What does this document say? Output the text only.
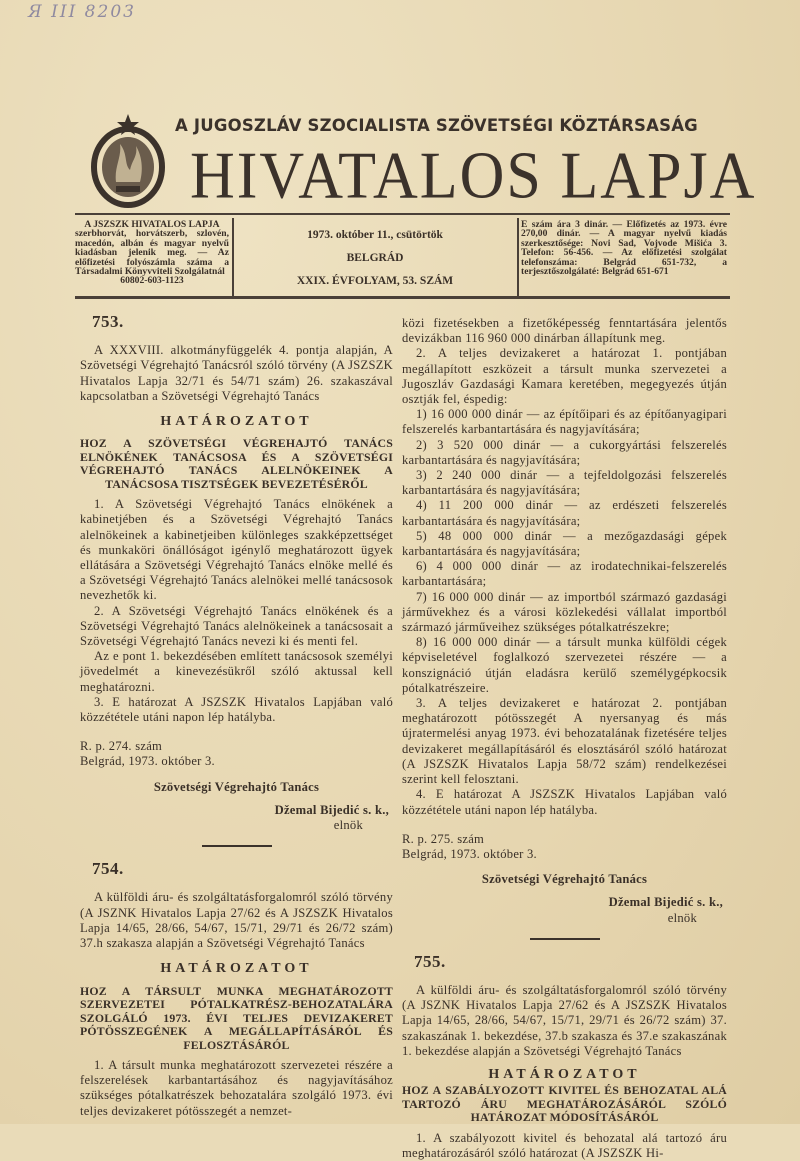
Я III 8203
A JUGOSZLÁV SZOCIALISTA SZÖVETSÉGI KÖZTÁRSASÁG
HIVATALOS LAPJA
A JSZSZK HIVATALOS LAPJA
szerbhorvát, horvátszerb, szlovén, macedón, albán és magyar nyelvű kiadásban jelenik meg. — Az előfizetési folyószámla száma a Társadalmi Könyvviteli Szolgálatnál
60802-603-1123
1973. október 11., csütörtök
BELGRÁD
XXIX. ÉVFOLYAM, 53. SZÁM
E szám ára 3 dinár. — Előfizetés az 1973. évre 270,00 dinár. — A magyar nyelvű kiadás szerkesztősége: Novi Sad, Vojvode Mišića 3. Telefon: 56-456. — Az előfizetési szolgálat telefonszáma: Belgrád 651-732, a terjesztőszolgálaté: Belgrád 651-671
753.

A XXXVIII. alkotmányfüggelék 4. pontja alapján, A Szövetségi Végrehajtó Tanácsról szóló törvény (A JSZSZK Hivatalos Lapja 32/71 és 54/71 szám) 26. szakaszával kapcsolatban a Szövetségi Végrehajtó Tanács

HATÁROZATOT
HOZ A SZÖVETSÉGI VÉGREHAJTÓ TANÁCS ELNÖKÉNEK TANÁCSOSA ÉS A SZÖVETSÉGI VÉGREHAJTÓ TANÁCS ALELNÖKEINEK A TANÁCSOSA TISZTSÉGEK BEVEZETÉSÉRŐL

1. A Szövetségi Végrehajtó Tanács elnökének a kabinetjében és a Szövetségi Végrehajtó Tanács alelnökeinek a kabinetjeiben különleges szakképzettséget és munkaköri önállóságot igénylő meghatározott ügyek ellátására a Szövetségi Végrehajtó Tanács elnöke mellé és a Szövetségi Végrehajtó Tanács alelnökei mellé tanácsosok nevezhetők ki.

2. A Szövetségi Végrehajtó Tanács elnökének és a Szövetségi Végrehajtó Tanács alelnökeinek a tanácsosait a Szövetségi Végrehajtó Tanács nevezi ki és menti fel.

Az e pont 1. bekezdésében említett tanácsosok személyi jövedelmét a kinevezésükről szóló aktussal kell meghatározni.

3. E határozat A JSZSZK Hivatalos Lapjában való közzététele utáni napon lép hatályba.

R. p. 274. szám

Belgrád, 1973. október 3.

Szövetségi Végrehajtó Tanács
Džemal Bijedić s. k.,
elnök
754.

A külföldi áru- és szolgáltatásforgalomról szóló törvény (A JSZNK Hivatalos Lapja 27/62 és A JSZSZK Hivatalos Lapja 14/65, 28/66, 54/67, 15/71, 29/71 és 26/72 szám) 37.h szakasza alapján a Szövetségi Végrehajtó Tanács

HATÁROZATOT
HOZ A TÁRSULT MUNKA MEGHATÁROZOTT SZERVEZETEI PÓTALKATRÉSZ-BEHOZATALÁRA SZOLGÁLÓ 1973. ÉVI TELJES DEVIZAKERET PÓTÖSSZEGÉNEK A MEGÁLLAPÍTÁSÁRÓL ÉS FELOSZTÁSÁRÓL

1. A társult munka meghatározott szervezetei részére a felszerelések karbantartásához és nagyjavításához szükséges pótalkatrészek behozatalára szolgáló 1973. évi teljes devizakeret pótösszegét a nemzet-

közi fizetésekben a fizetőképesség fenntartására jelentős devizákban 116 960 000 dinárban állapítunk meg.

2. A teljes devizakeret a határozat 1. pontjában megállapított eszközeit a társult munka szervezetei a Jugoszláv Gazdasági Kamara keretében, megegyezés útján osztják fel, éspedig:

1) 16 000 000 dinár — az építőipari és az építőanyagipari felszerelés karbantartására és nagyjavítására;

2) 3 520 000 dinár — a cukorgyártási felszerelés karbantartására és nagyjavítására;

3) 2 240 000 dinár — a tejfeldolgozási felszerelés karbantartására és nagyjavítására;

4) 11 200 000 dinár — az erdészeti felszerelés karbantartására és nagyjavítására;

5) 48 000 000 dinár — a mezőgazdasági gépek karbantartására és nagyjavítására;

6) 4 000 000 dinár — az irodatechnikai-felszerelés karbantartására;

7) 16 000 000 dinár — az importból származó gazdasági járművekhez és a városi közlekedési vállalat importból származó járműveihez szükséges pótalkatrészekre;

8) 16 000 000 dinár — a társult munka külföldi cégek képviseletével foglalkozó szervezetei részére — a konszignáció útján eladásra kerülő személygépkocsik pótalkatrészeire.

3. A teljes devizakeret e határozat 2. pontjában meghatározott pótösszegét A nyersanyag és más újratermelési anyag 1973. évi behozatalának fizetésére teljes devizakeret megállapításáról és elosztásáról szóló határozat (A JSZSZK Hivatalos Lapja 58/72 szám) rendelkezései szerint kell felosztani.

4. E határozat A JSZSZK Hivatalos Lapjában való közzététele utáni napon lép hatályba.

R. p. 275. szám

Belgrád, 1973. október 3.

Szövetségi Végrehajtó Tanács
Džemal Bijedić s. k.,
elnök
755.

A külföldi áru- és szolgáltatásforgalomról szóló törvény (A JSZNK Hivatalos Lapja 27/62 és A JSZSZK Hivatalos Lapja 14/65, 28/66, 54/67, 15/71, 29/71 és 26/72 szám) 37. szakaszának 1. bekezdése, 37.b szakasza és 37.e szakaszának 1. bekezdése alapján a Szövetségi Végrehajtó Tanács

HATÁROZATOT
HOZ A SZABÁLYOZOTT KIVITEL ÉS BEHOZATAL ALÁ TARTOZÓ ÁRU MEGHATÁROZÁSÁRÓL SZÓLÓ HATÁROZAT MÓDOSÍTÁSÁRÓL

1. A szabályozott kivitel és behozatal alá tartozó áru meghatározásáról szóló határozat (A JSZSZK Hi-
